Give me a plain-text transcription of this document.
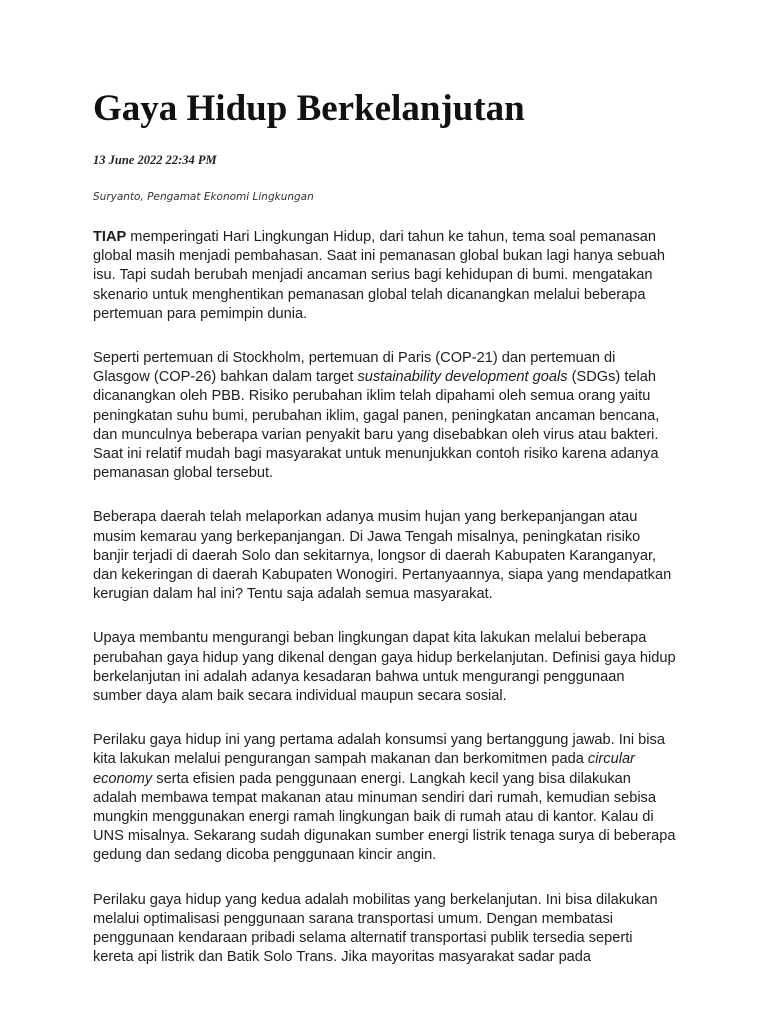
Gaya Hidup Berkelanjutan

13 June 2022 22:34 PM

Suryanto, Pengamat Ekonomi Lingkungan

TIAP memperingati Hari Lingkungan Hidup, dari tahun ke tahun, tema soal pemanasan global masih menjadi pembahasan. Saat ini pemanasan global bukan lagi hanya sebuah isu. Tapi sudah berubah menjadi ancaman serius bagi kehidupan di bumi. mengatakan skenario untuk menghentikan pemanasan global telah dicanangkan melalui beberapa pertemuan para pemimpin dunia.

Seperti pertemuan di Stockholm, pertemuan di Paris (COP-21) dan pertemuan di Glasgow (COP-26) bahkan dalam target sustainability development goals (SDGs) telah dicanangkan oleh PBB. Risiko perubahan iklim telah dipahami oleh semua orang yaitu peningkatan suhu bumi, perubahan iklim, gagal panen, peningkatan ancaman bencana, dan munculnya beberapa varian penyakit baru yang disebabkan oleh virus atau bakteri. Saat ini relatif mudah bagi masyarakat untuk menunjukkan contoh risiko karena adanya pemanasan global tersebut.

Beberapa daerah telah melaporkan adanya musim hujan yang berkepanjangan atau musim kemarau yang berkepanjangan. Di Jawa Tengah misalnya, peningkatan risiko banjir terjadi di daerah Solo dan sekitarnya, longsor di daerah Kabupaten Karanganyar, dan kekeringan di daerah Kabupaten Wonogiri. Pertanyaannya, siapa yang mendapatkan kerugian dalam hal ini? Tentu saja adalah semua masyarakat.

Upaya membantu mengurangi beban lingkungan dapat kita lakukan melalui beberapa perubahan gaya hidup yang dikenal dengan gaya hidup berkelanjutan. Definisi gaya hidup berkelanjutan ini adalah adanya kesadaran bahwa untuk mengurangi penggunaan sumber daya alam baik secara individual maupun secara sosial.

Perilaku gaya hidup ini yang pertama adalah konsumsi yang bertanggung jawab. Ini bisa kita lakukan melalui pengurangan sampah makanan dan berkomitmen pada circular economy serta efisien pada penggunaan energi. Langkah kecil yang bisa dilakukan adalah membawa tempat makanan atau minuman sendiri dari rumah, kemudian sebisa mungkin menggunakan energi ramah lingkungan baik di rumah atau di kantor. Kalau di UNS misalnya. Sekarang sudah digunakan sumber energi listrik tenaga surya di beberapa gedung dan sedang dicoba penggunaan kincir angin.

Perilaku gaya hidup yang kedua adalah mobilitas yang berkelanjutan. Ini bisa dilakukan melalui optimalisasi penggunaan sarana transportasi umum. Dengan membatasi penggunaan kendaraan pribadi selama alternatif transportasi publik tersedia seperti kereta api listrik dan Batik Solo Trans. Jika mayoritas masyarakat sadar pada
